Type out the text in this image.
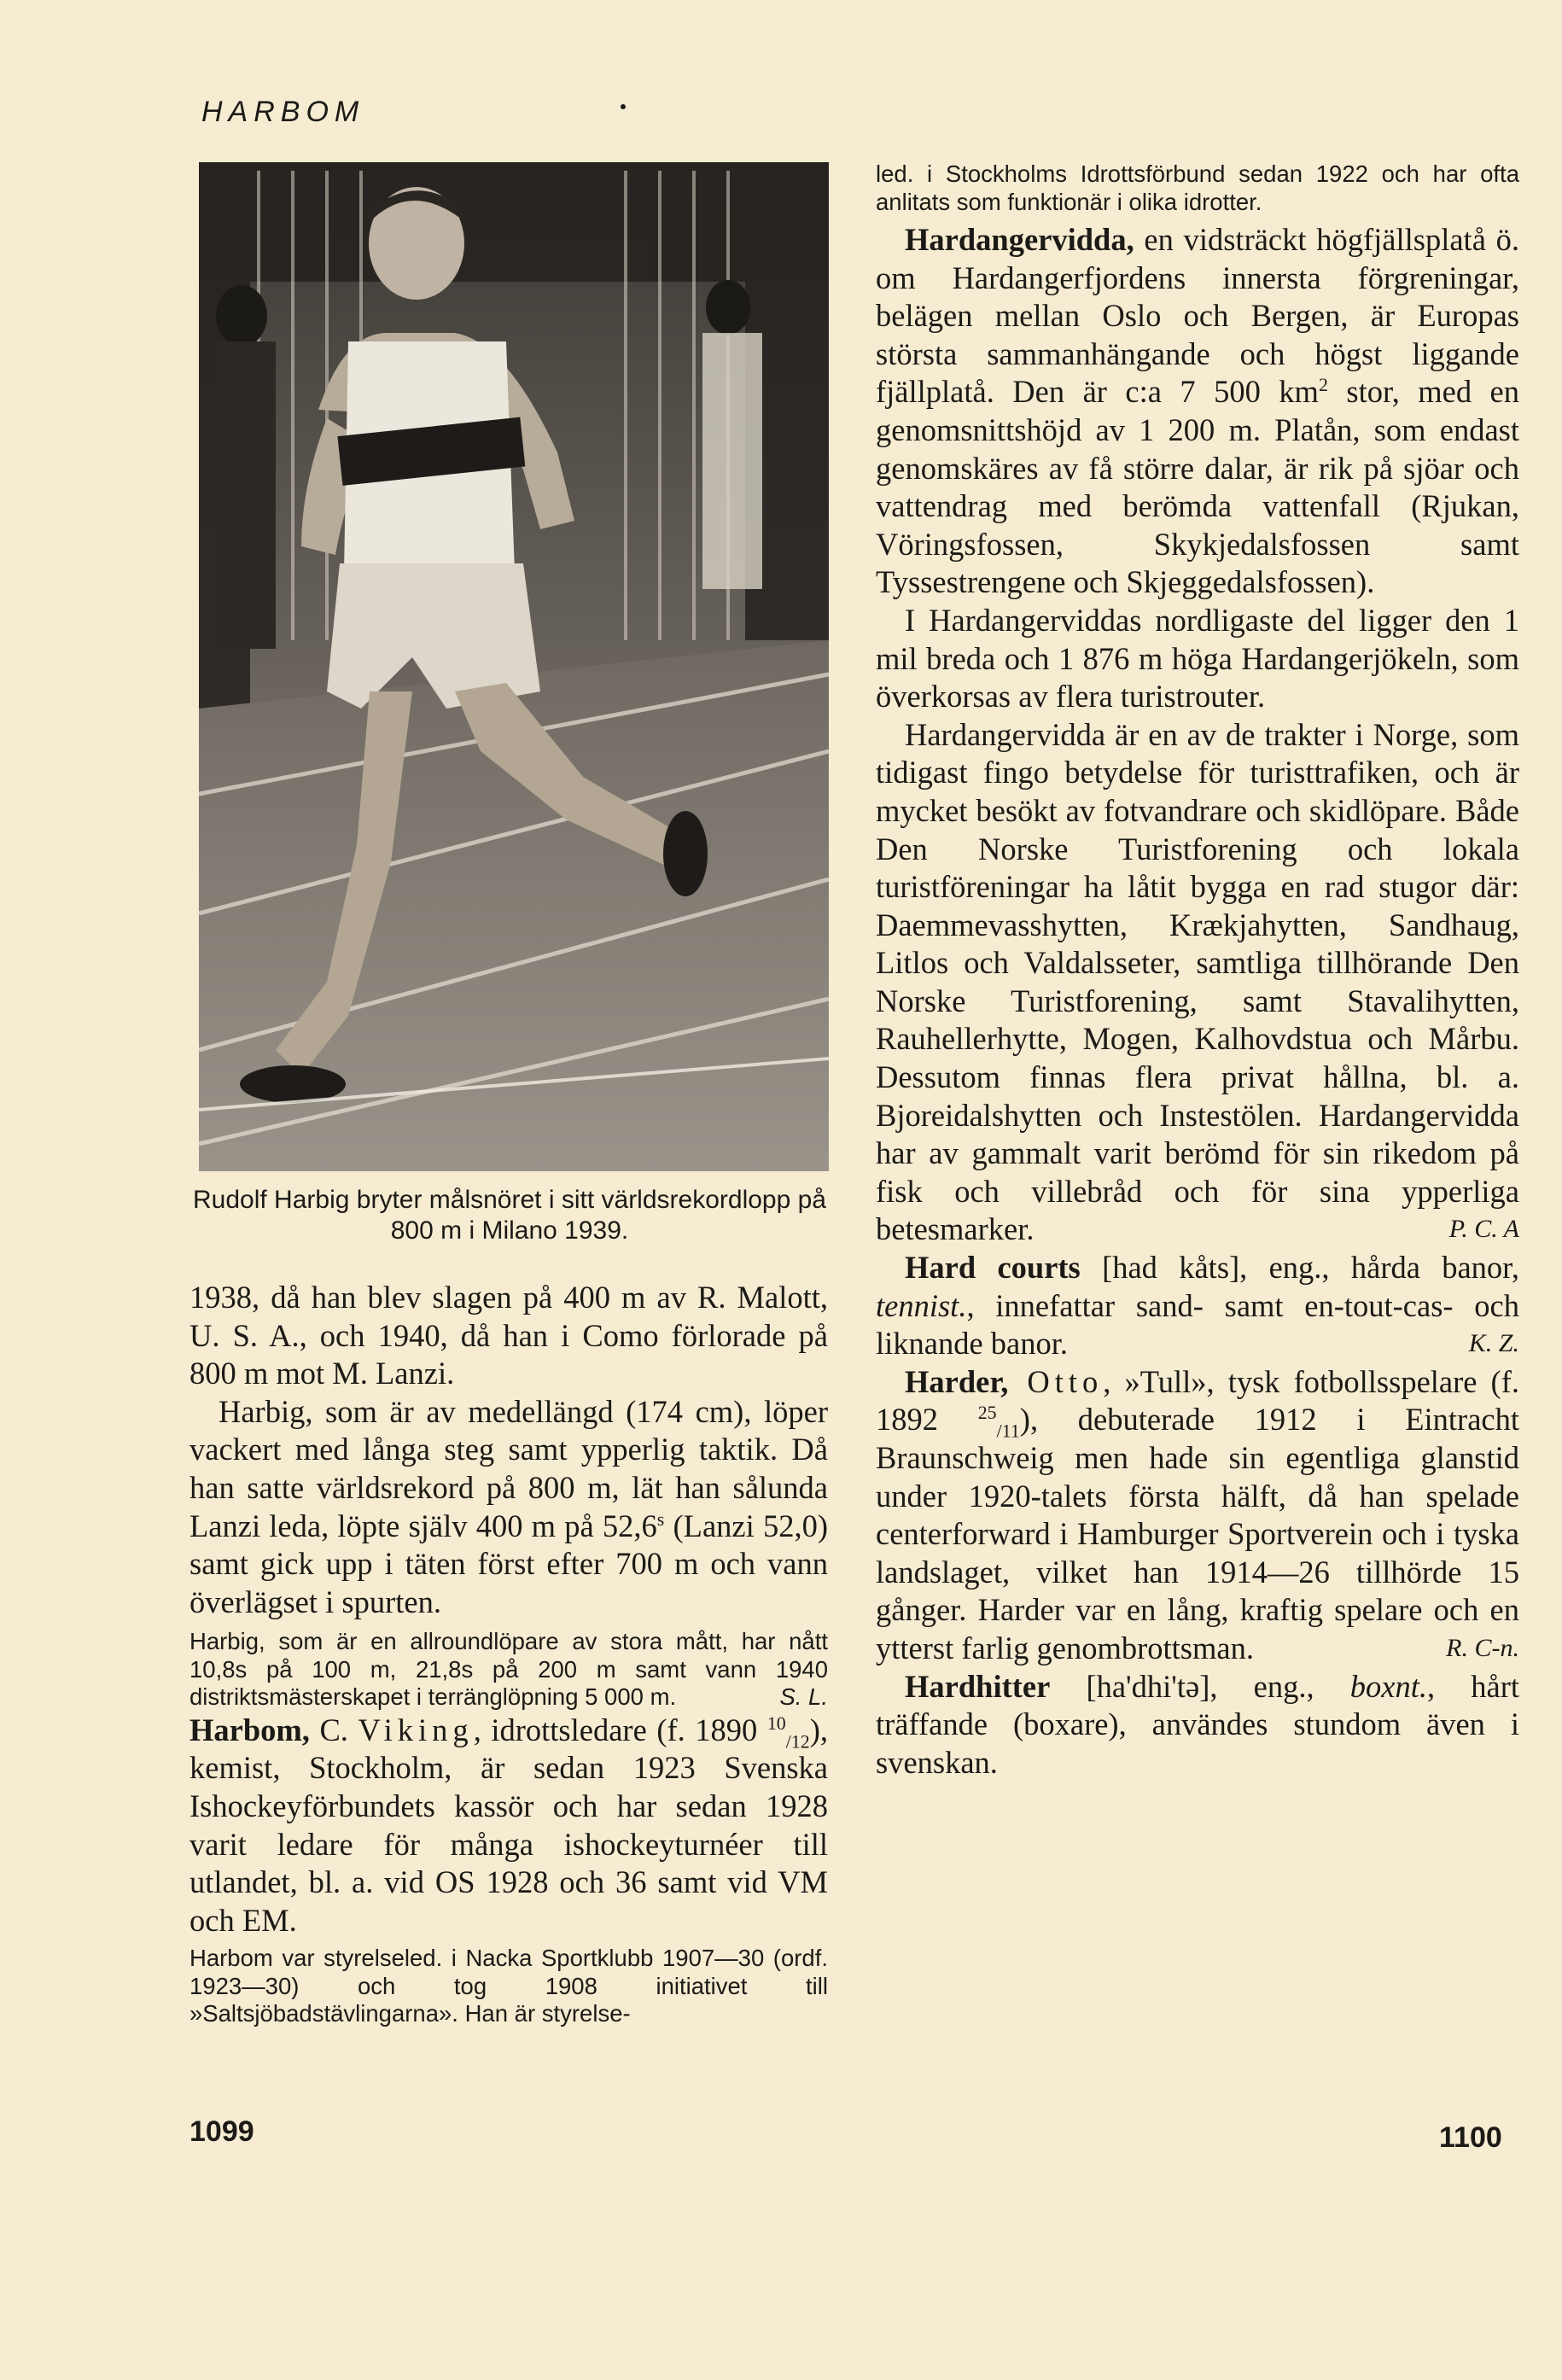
HARBOM
Rudolf Harbig bryter målsnöret i sitt världsrekordlopp på 800 m i Milano 1939.

1938, då han blev slagen på 400 m av R. Malott, U. S. A., och 1940, då han i Como förlorade på 800 m mot M. Lanzi.

Harbig, som är av medellängd (174 cm), löper vackert med långa steg samt ypperlig taktik. Då han satte världsrekord på 800 m, lät han sålunda Lanzi leda, löpte själv 400 m på 52,6$^s$ (Lanzi 52,0) samt gick upp i täten först efter 700 m och vann överlägset i spurten.

Harbig, som är en allroundlöpare av stora mått, har nått 10,8s på 100 m, 21,8s på 200 m samt vann 1940 distriktsmästerskapet i terränglöpning 5 000 m.	S. L.

Harbom, C. Viking, idrottsledare (f. 1890 $^{10}_{/12}$), kemist, Stockholm, är sedan 1923 Svenska Ishockeyförbundets kassör och har sedan 1928 varit ledare för många ishockeyturnéer till utlandet, bl. a. vid OS 1928 och 36 samt vid VM och EM.

Harbom var styrelseled. i Nacka Sportklubb 1907—30 (ordf. 1923—30) och tog 1908 initiativet till »Saltsjöbadstävlingarna». Han är styrelse-

led. i Stockholms Idrottsförbund sedan 1922 och har ofta anlitats som funktionär i olika idrotter.

Hardangervidda, en vidsträckt högfjällsplatå ö. om Hardangerfjordens innersta förgreningar, belägen mellan Oslo och Bergen, är Europas största sammanhängande och högst liggande fjällplatå. Den är c:a 7 500 $km^2$ stor, med en genomsnittshöjd av 1 200 m. Platån, som endast genomskäres av få större dalar, är rik på sjöar och vattendrag med berömda vattenfall (Rjukan, Vöringsfossen, Skykjedalsfossen samt Tyssestrengene och Skjeggedalsfossen).

I Hardangerviddas nordligaste del ligger den 1 mil breda och 1 876 m höga Hardangerjökeln, som överkorsas av flera turistrouter.

Hardangervidda är en av de trakter i Norge, som tidigast fingo betydelse för turisttrafiken, och är mycket besökt av fotvandrare och skidlöpare. Både Den Norske Turistforening och lokala turistföreningar ha låtit bygga en rad stugor där: Daemmevasshytten, Krækjahytten, Sandhaug, Litlos och Valdalsseter, samtliga tillhörande Den Norske Turistforening, samt Stavalihytten, Rauhellerhytte, Mogen, Kalhovdstua och Mårbu. Dessutom finnas flera privat hållna, bl. a. Bjoreidalshytten och Instestölen. Hardangervidda har av gammalt varit berömd för sin rikedom på fisk och villebråd och för sina ypperliga betesmarker.	P. C. A

Hard courts [had kåts], eng., hårda banor, tennist., innefattar sand- samt en-tout-cas- och liknande banor.	K. Z.

Harder, Otto, »Tull», tysk fotbollsspelare (f. 1892 $^{25}_{/11}$), debuterade 1912 i Eintracht Braunschweig men hade sin egentliga glanstid under 1920-talets första hälft, då han spelade centerforward i Hamburger Sportverein och i tyska landslaget, vilket han 1914—26 tillhörde 15 gånger. Harder var en lång, kraftig spelare och en ytterst farlig genombrottsman.	R. C-n.

Hardhitter [ha'dhi'tə], eng., boxnt., hårt träffande (boxare), användes stundom även i svenskan.

1099	1100
